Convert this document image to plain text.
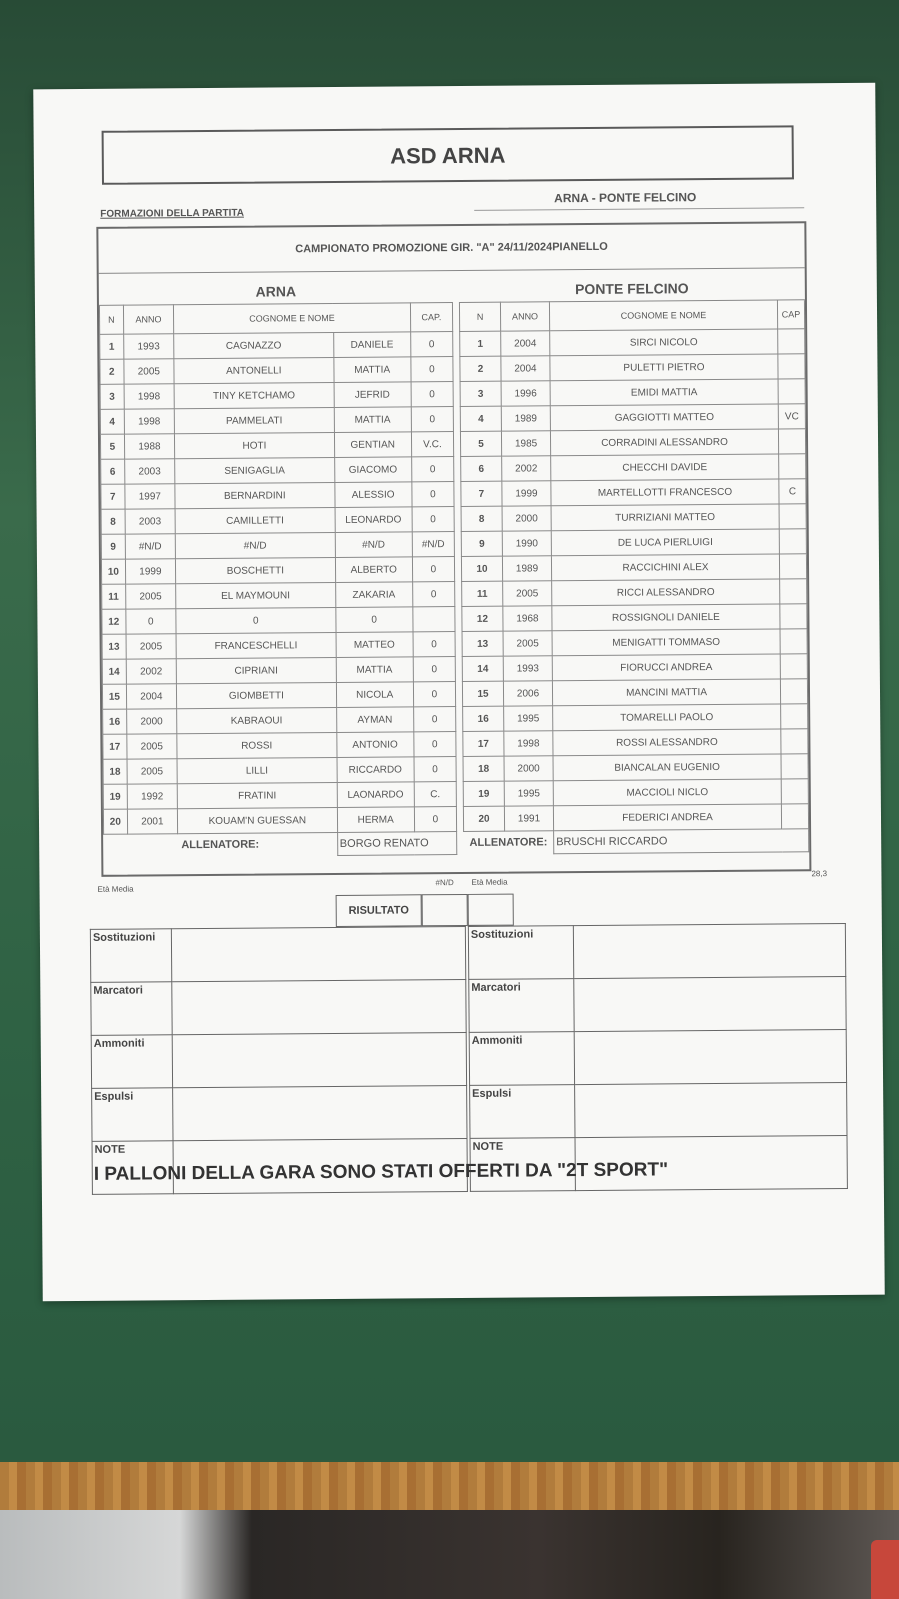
ASD ARNA
FORMAZIONI DELLA PARTITA
ARNA - PONTE FELCINO
CAMPIONATO PROMOZIONE GIR. "A" 24/11/2024PIANELLO
ARNA				
N	ANNO	COGNOME E NOME		CAP.
1	1993	CAGNAZZO	DANIELE	0
2	2005	ANTONELLI	MATTIA	0
3	1998	TINY KETCHAMO	JEFRID	0
4	1998	PAMMELATI	MATTIA	0
5	1988	HOTI	GENTIAN	V.C.
6	2003	SENIGAGLIA	GIACOMO	0
7	1997	BERNARDINI	ALESSIO	0
8	2003	CAMILLETTI	LEONARDO	0
9	#N/D	#N/D	#N/D	#N/D
10	1999	BOSCHETTI	ALBERTO	0
11	2005	EL MAYMOUNI	ZAKARIA	0
12	0	0	0	
13	2005	FRANCESCHELLI	MATTEO	0
14	2002	CIPRIANI	MATTIA	0
15	2004	GIOMBETTI	NICOLA	0
16	2000	KABRAOUI	AYMAN	0
17	2005	ROSSI	ANTONIO	0
18	2005	LILLI	RICCARDO	0
19	1992	FRATINI	LAONARDO	C.
20	2001	KOUAM'N GUESSAN	HERMA	0
ALLENATORE:			BORGO RENATO	
PONTE FELCINO			
N	ANNO	COGNOME E NOME	CAP
1	2004	SIRCI NICOLO	
2	2004	PULETTI PIETRO	
3	1996	EMIDI MATTIA	
4	1989	GAGGIOTTI MATTEO	VC
5	1985	CORRADINI ALESSANDRO	
6	2002	CHECCHI DAVIDE	
7	1999	MARTELLOTTI FRANCESCO	C
8	2000	TURRIZIANI MATTEO	
9	1990	DE LUCA PIERLUIGI	
10	1989	RACCICHINI ALEX	
11	2005	RICCI ALESSANDRO	
12	1968	ROSSIGNOLI DANIELE	
13	2005	MENIGATTI TOMMASO	
14	1993	FIORUCCI ANDREA	
15	2006	MANCINI MATTIA	
16	1995	TOMARELLI PAOLO	
17	1998	ROSSI ALESSANDRO	
18	2000	BIANCALAN EUGENIO	
19	1995	MACCIOLI NICLO	
20	1991	FEDERICI ANDREA	
ALLENATORE:		BRUSCHI RICCARDO	
Età Media
#N/D Età Media
28,3
RISULTATO
Sostituzioni	
Marcatori	
Ammoniti	
Espulsi	
NOTE	
Sostituzioni	
Marcatori	
Ammoniti	
Espulsi	
NOTE	
I PALLONI DELLA GARA SONO STATI OFFERTI DA "2T SPORT"
